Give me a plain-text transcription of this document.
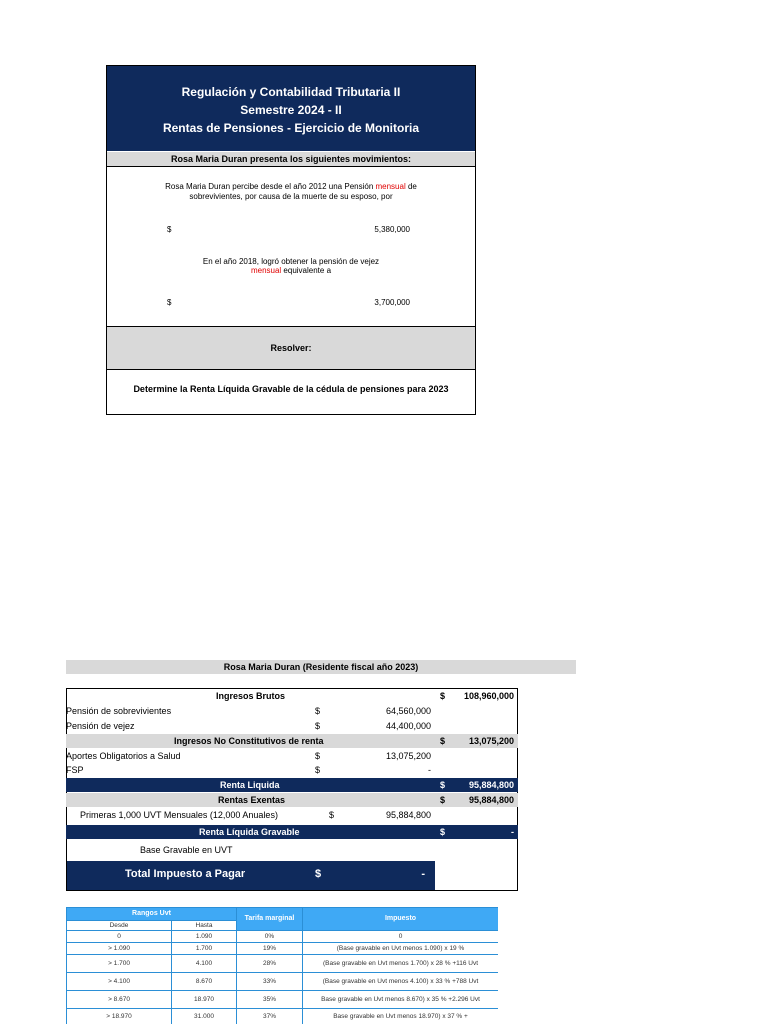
Regulación y Contabilidad Tributaria II
Semestre 2024 - II
Rentas de Pensiones - Ejercicio de Monitoria
Rosa Maria Duran presenta los siguientes movimientos:
Rosa Maria Duran percibe desde el año 2012 una Pensión mensual de
sobrevivientes, por causa de la muerte de su esposo, por
$	5,380,000
En el año 2018, logró obtener la pensión de vejez
mensual equivalente a
$	3,700,000
Resolver:
Determine la Renta Líquida Gravable de la cédula de pensiones para 2023
Rosa Maria Duran (Residente fiscal año 2023)
Ingresos Brutos	$	108,960,000
Pensión de sobrevivientes	$	64,560,000
Pensión de vejez	$	44,400,000
Ingresos No Constitutivos de renta	$	13,075,200
Aportes Obligatorios a Salud	$	13,075,200
FSP	$	-
Renta Liquida	$	95,884,800
Rentas Exentas	$	95,884,800
Primeras 1,000 UVT Mensuales (12,000 Anuales)	$	95,884,800
Renta Líquida Gravable	$	-
Base Gravable en UVT
Total Impuesto a Pagar	$	-
Rangos Uvt		Tarifa marginal	Impuesto
Desde	Hasta		
0	1.090	0%	0
> 1.090	1.700	19%	(Base gravable en Uvt menos 1.090) x 19 %
> 1.700	4.100	28%	(Base gravable en Uvt menos 1.700) x 28 % +116 Uvt
> 4.100	8.670	33%	(Base gravable en Uvt menos 4.100) x 33 % +788 Uvt
> 8.670	18.970	35%	Base gravable en Uvt menos 8.670) x 35 % +2.296 Uvt
> 18.970	31.000	37%	Base gravable en Uvt menos 18.970) x 37 % +
